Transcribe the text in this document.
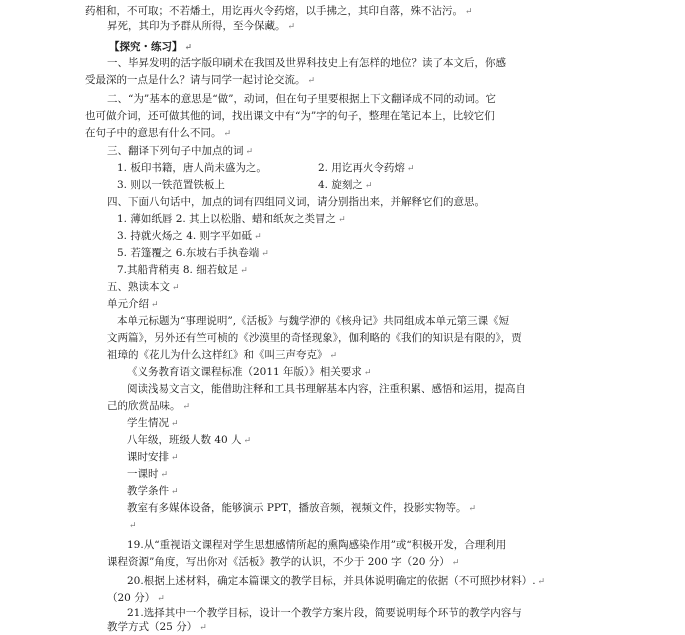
药相和，不可取；不若燔土，用讫再火令药熔，以手拂之，其印自落，殊不沾污。 ↵
昇死，其印为予群从所得，至今保藏。 ↵
【探究・练习】 ↵
一、毕昇发明的活字版印刷术在我国及世界科技史上有怎样的地位？读了本文后，你感
受最深的一点是什么？请与同学一起讨论交流。 ↵
二、“为”基本的意思是“做”，动词，但在句子里要根据上下文翻译成不同的动词。它
也可做介词，还可做其他的词，找出课文中有“为”字的句子，整理在笔记本上，比较它们
在句子中的意思有什么不同。 ↵
三、翻译下列句子中加点的词 ↵
1. 板印书籍，唐人尚未盛为之。	2. 用讫再火令药熔 ↵
3. 则以一铁范置铁板上	4. 旋刻之 ↵
四、下面八句话中，加点的词有四组同义词，请分别指出来，并解释它们的意思。
1. 薄如纸唇 2. 其上以松脂、蜡和纸灰之类冒之 ↵
3. 持就火炀之 4. 则字平如砥 ↵
5. 若篷覆之 6.东坡右手执卷端 ↵
7.其船背稍夷 8. 细若蚊足 ↵
五、熟读本文 ↵
单元介绍 ↵
本单元标题为“事理说明”,《活板》与魏学洢的《核舟记》共同组成本单元第三课《短
文两篇》，另外还有竺可桢的《沙漠里的奇怪现象》，伽利略的《我们的知识是有限的》，贾
祖璋的《花儿为什么这样红》和《叫三声夸克》 ↵
《义务教育语文课程标准（2011 年版）》相关要求 ↵
阅读浅易文言文，能借助注释和工具书理解基本内容，注重积累、感悟和运用，提高自
己的欣赏品味。 ↵
学生情况 ↵
八年级，班级人数 40 人 ↵
课时安排 ↵
一课时 ↵
教学条件 ↵
教室有多媒体设备，能够演示 PPT，播放音频，视频文件，投影实物等。 ↵
↵
19.从“重视语文课程对学生思想感情所起的熏陶感染作用”或“积极开发，合理利用
课程资源”角度，写出你对《活板》教学的认识，不少于 200 字（20 分） ↵
20.根据上述材料，确定本篇课文的教学目标，并具体说明确定的依据（不可照抄材料）. ↵
（20 分） ↵
21.选择其中一个教学目标，设计一个教学方案片段，简要说明每个环节的教学内容与
教学方式（25 分） ↵
